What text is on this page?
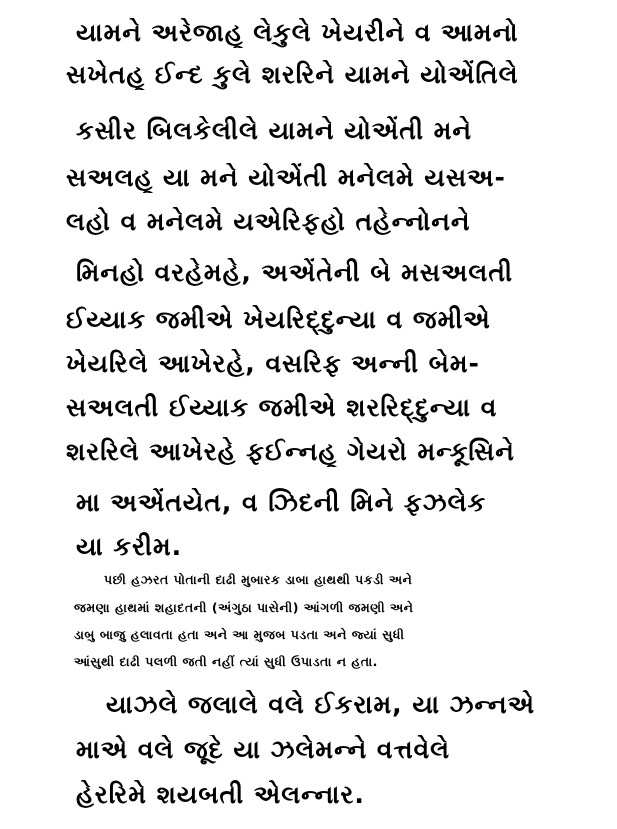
યામને અરેજાહૂ લેકુલે ખેયરીને વ આમનો
સખેતહૂ ઈન્દ કુલે શરરિને યામને યોએંતિલે
કસીર બિલકેલીલે યામને યોએંતી મને
સઅલહૂ યા મને યોએંતી મનેલમે યસઅ-
લહો વ મનેલમે યએરિફહો તહેન્નોનને
મિનહો વરહેમહે, અએંતેની બે મસઅલતી
ઈય્યાક જમીએ ખેયરિદ્દુન્યા વ જમીએ
ખેયરિલે આખેરહે, વસરિફ અન્ની બેમ-
સઅલતી ઈય્યાક જમીએ શરરિદ્દુન્યા વ
શરરિલે આખેરહે ફઈન્નહૂ ગેયરો મન્કૂસિને
મા અએંતયેત, વ ઝિદની મિને ફઝલેક
યા કરીમ.
પછી હઝરત પોતાની દાઢી મુબારક ડાબા હાથથી પકડી અને
જમણા હાથમાં શહાદતની (અંગુઠા પાસેની) આંગળી જમણી અને
ડાબુ બાજુ હલાવતા હતા અને આ મુજબ પડતા અને જ્યાં સુધી
આંસુથી દાઢી પલળી જતી નહીં ત્યાં સુધી ઉપાડતા ન હતા.
યાઝલે જલાલે વલે ઈકરામ, યા ઝન્નએ
માએ વલે જૂદે યા ઝલેમન્ને વત્તવેલે
હેરરિમે શયબતી એલન્નાર.
